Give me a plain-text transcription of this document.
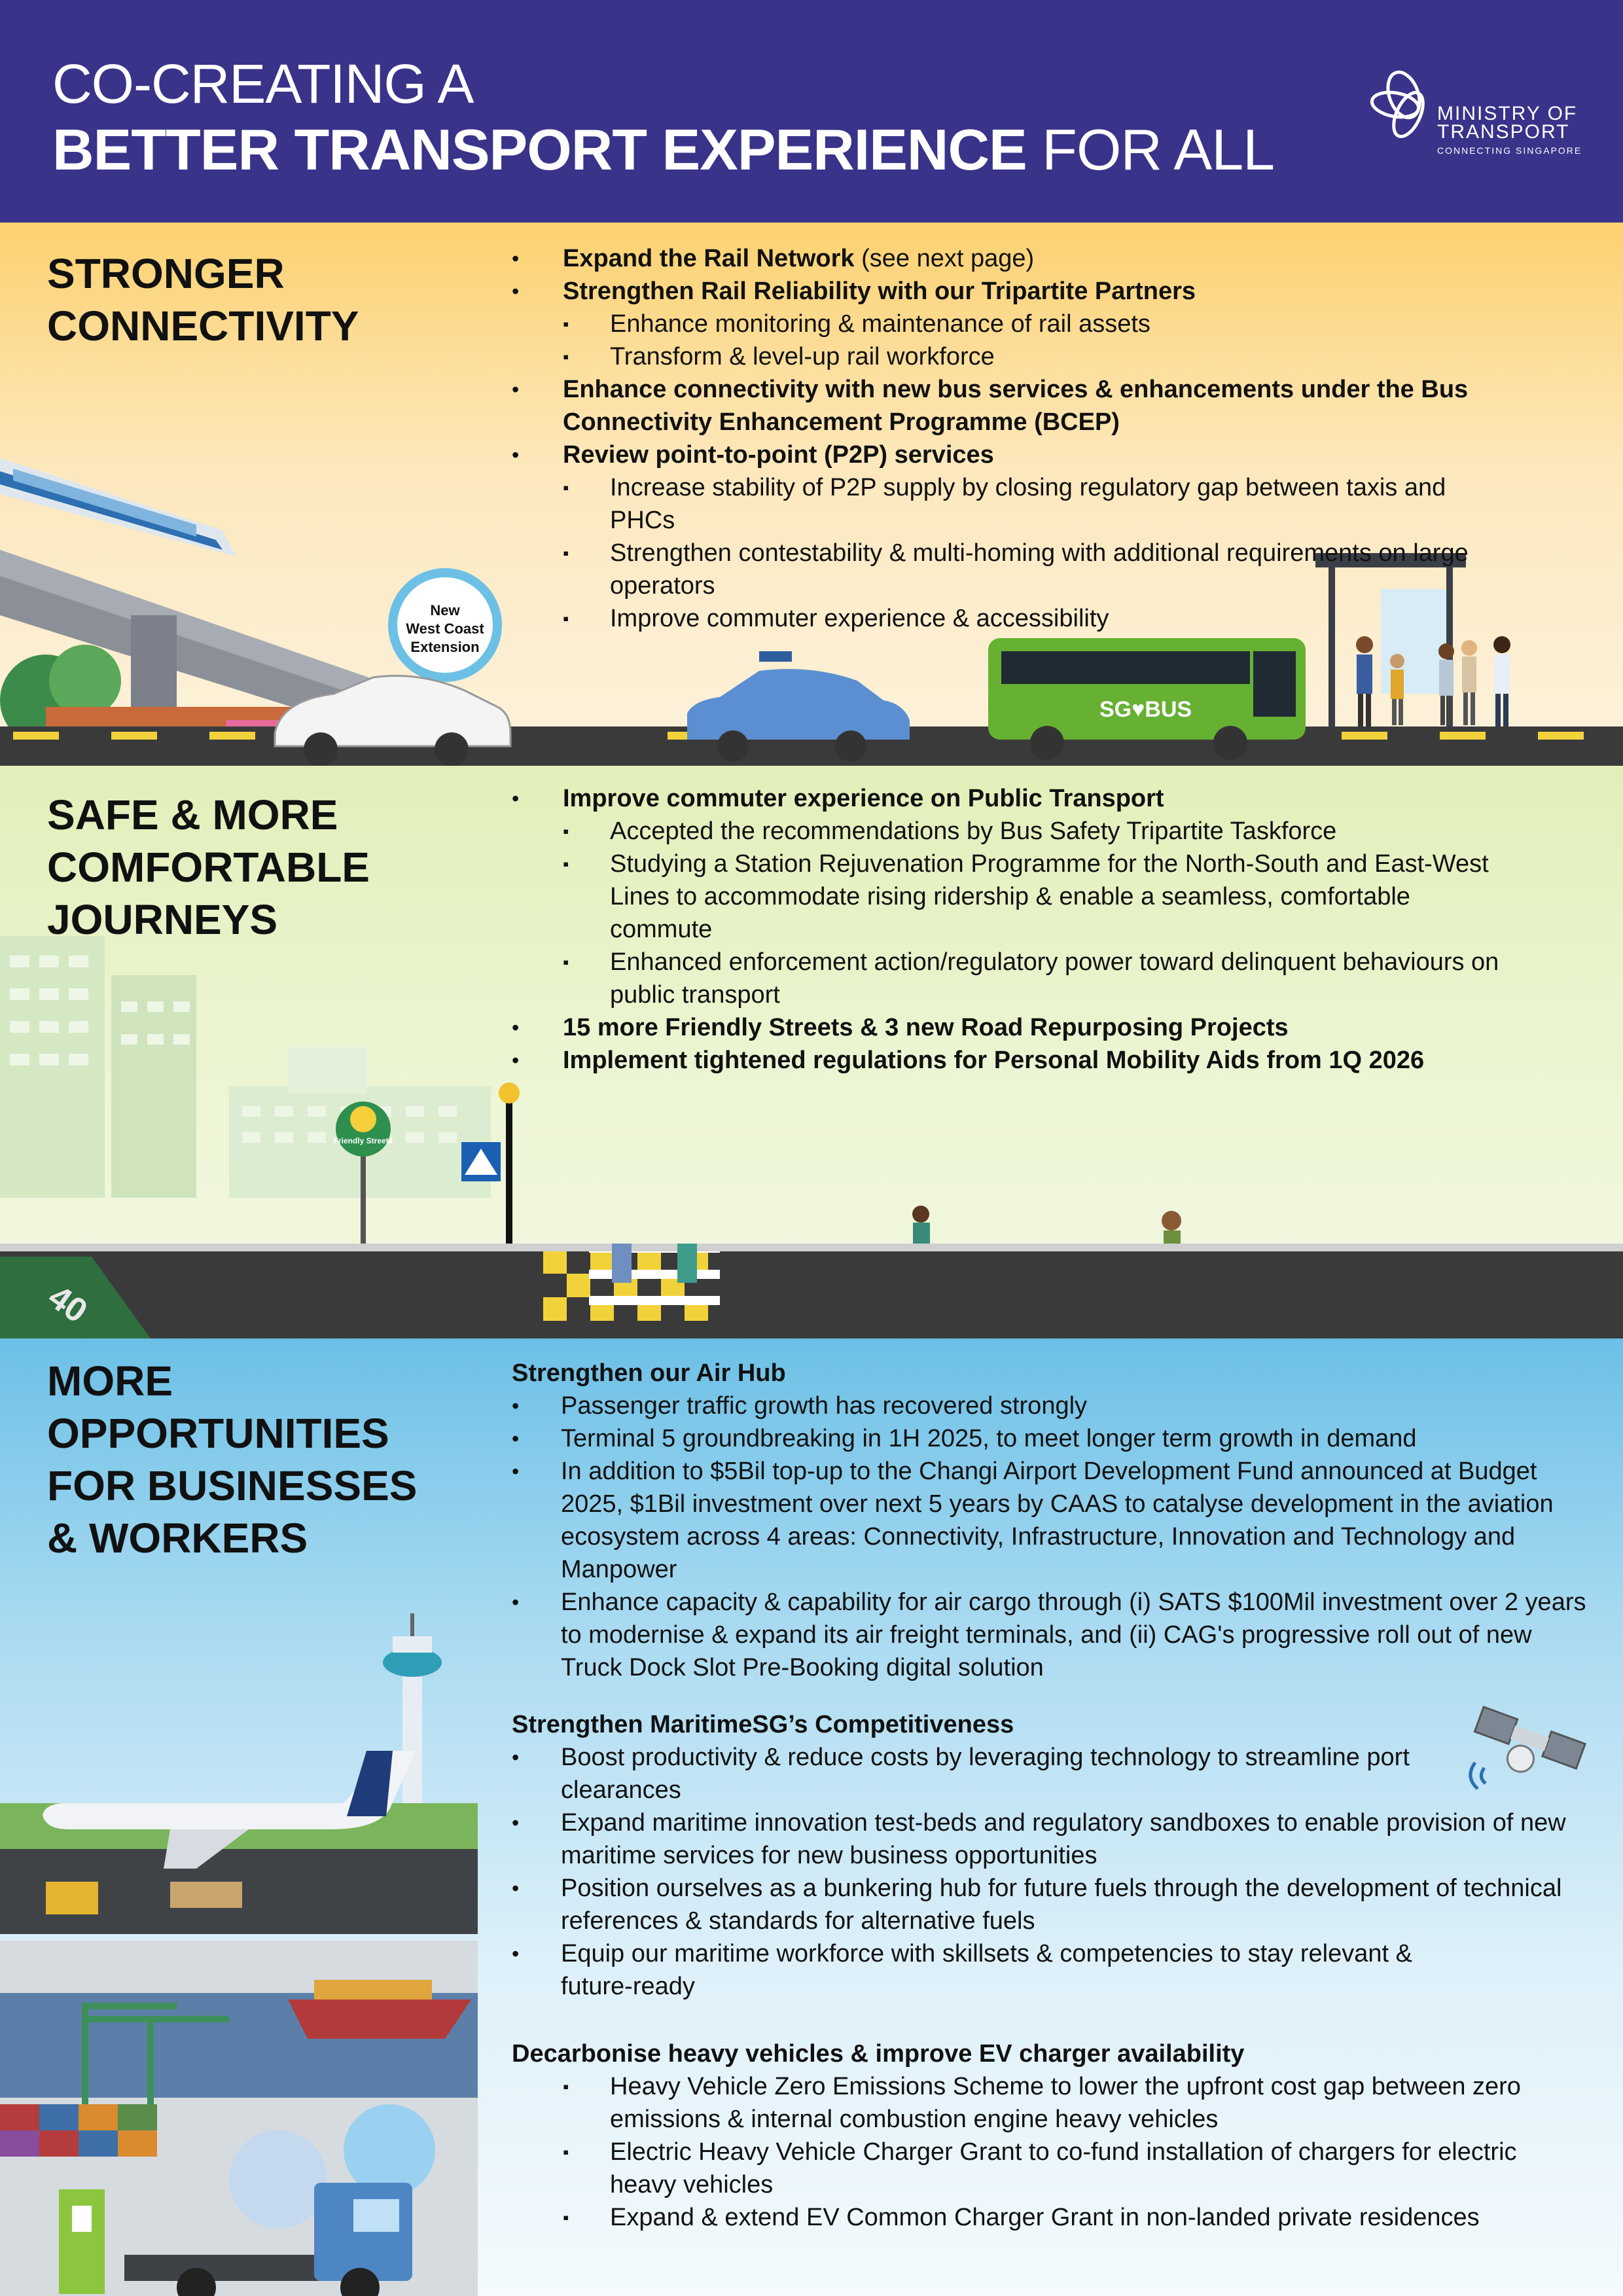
CO-CREATING A
BETTER TRANSPORT EXPERIENCE FOR ALL
MINISTRY OF
TRANSPORT
CONNECTING SINGAPORE
STRONGER
CONNECTIVITY
New
West Coast
Extension
SG♥BUS
• Expand the Rail Network (see next page)
• Strengthen Rail Reliability with our Tripartite Partners
▪ Enhance monitoring & maintenance of rail assets
▪ Transform & level-up rail workforce
• Enhance connectivity with new bus services & enhancements under the Bus Connectivity Enhancement Programme (BCEP)
• Review point-to-point (P2P) services
▪ Increase stability of P2P supply by closing regulatory gap between taxis and PHCs
▪ Strengthen contestability & multi-homing with additional requirements on large operators
▪ Improve commuter experience & accessibility
SAFE & MORE
COMFORTABLE
JOURNEYS
• Improve commuter experience on Public Transport
▪ Accepted the recommendations by Bus Safety Tripartite Taskforce
▪ Studying a Station Rejuvenation Programme for the North-South and East-West Lines to accommodate rising ridership & enable a seamless, comfortable commute
▪ Enhanced enforcement action/regulatory power toward delinquent behaviours on public transport
• 15 more Friendly Streets & 3 new Road Repurposing Projects
• Implement tightened regulations for Personal Mobility Aids from 1Q 2026
Friendly Streets
40
MORE
OPPORTUNITIES
FOR BUSINESSES
& WORKERS
Strengthen our Air Hub
• Passenger traffic growth has recovered strongly
• Terminal 5 groundbreaking in 1H 2025, to meet longer term growth in demand
• In addition to $5Bil top-up to the Changi Airport Development Fund announced at Budget 2025, $1Bil investment over next 5 years by CAAS to catalyse development in the aviation ecosystem across 4 areas: Connectivity, Infrastructure, Innovation and Technology and Manpower
• Enhance capacity & capability for air cargo through (i) SATS $100Mil investment over 2 years to modernise & expand its air freight terminals, and (ii) CAG's progressive roll out of new Truck Dock Slot Pre-Booking digital solution
Strengthen MaritimeSG’s Competitiveness
• Boost productivity & reduce costs by leveraging technology to streamline port clearances
• Expand maritime innovation test-beds and regulatory sandboxes to enable provision of new maritime services for new business opportunities
• Position ourselves as a bunkering hub for future fuels through the development of technical references & standards for alternative fuels
• Equip our maritime workforce with skillsets & competencies to stay relevant & future-ready
Decarbonise heavy vehicles & improve EV charger availability
▪ Heavy Vehicle Zero Emissions Scheme to lower the upfront cost gap between zero emissions & internal combustion engine heavy vehicles
▪ Electric Heavy Vehicle Charger Grant to co-fund installation of chargers for electric heavy vehicles
▪ Expand & extend EV Common Charger Grant in non-landed private residences
